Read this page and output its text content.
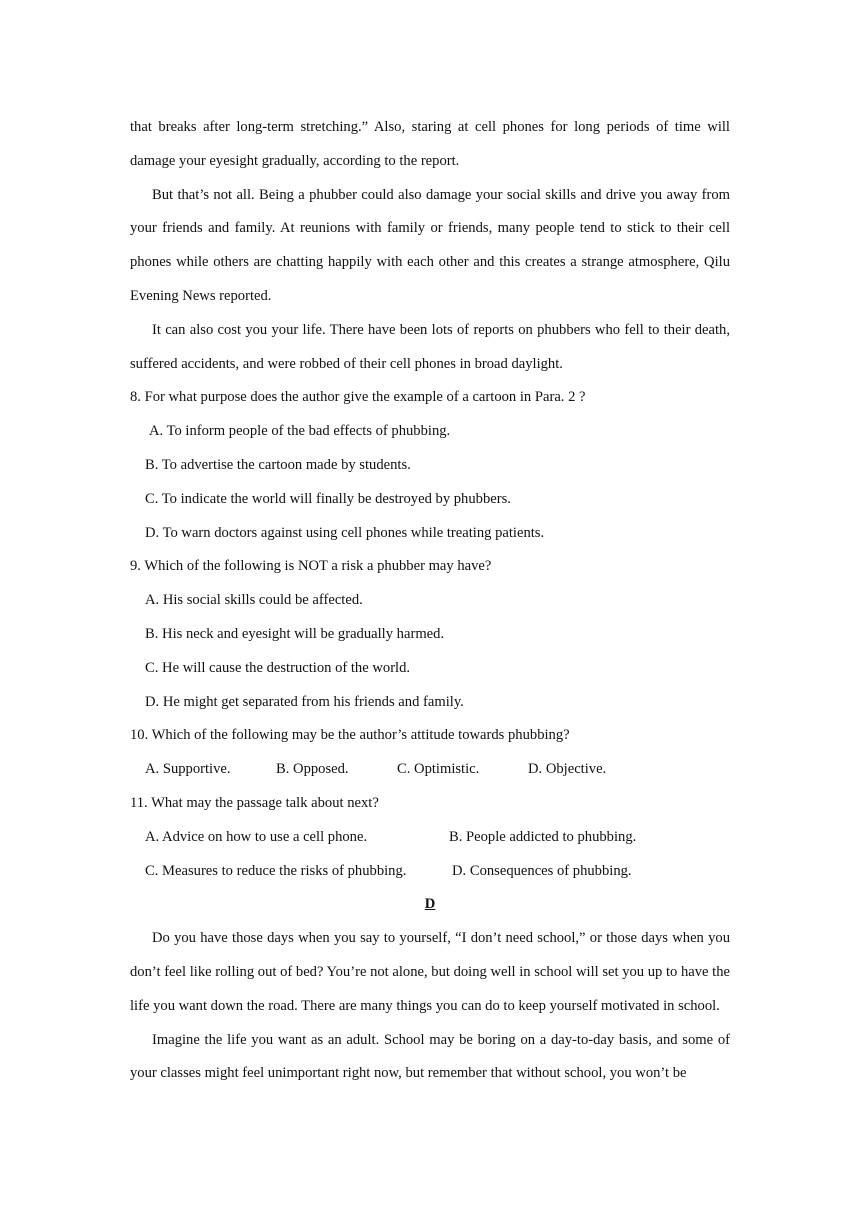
that breaks after long-term stretching.” Also, staring at cell phones for long periods of time will damage your eyesight gradually, according to the report.

But that’s not all. Being a phubber could also damage your social skills and drive you away from your friends and family. At reunions with family or friends, many people tend to stick to their cell phones while others are chatting happily with each other and this creates a strange atmosphere, Qilu Evening News reported.

It can also cost you your life. There have been lots of reports on phubbers who fell to their death, suffered accidents, and were robbed of their cell phones in broad daylight.

8. For what purpose does the author give the example of a cartoon in Para. 2 ?

A. To inform people of the bad effects of phubbing.

B. To advertise the cartoon made by students.

C. To indicate the world will finally be destroyed by phubbers.

D. To warn doctors against using cell phones while treating patients.

9. Which of the following is NOT a risk a phubber may have?

A. His social skills could be affected.

B. His neck and eyesight will be gradually harmed.

C. He will cause the destruction of the world.

D. He might get separated from his friends and family.

10. Which of the following may be the author’s attitude towards phubbing?

A. Supportive.	B. Opposed.	C. Optimistic.	D. Objective.

11. What may the passage talk about next?

A. Advice on how to use a cell phone.	B. People addicted to phubbing.
C. Measures to reduce the risks of phubbing.	D. Consequences of phubbing.

D

Do you have those days when you say to yourself, “I don’t need school,” or those days when you don’t feel like rolling out of bed? You’re not alone, but doing well in school will set you up to have the life you want down the road. There are many things you can do to keep yourself motivated in school.

Imagine the life you want as an adult. School may be boring on a day-to-day basis, and some of your classes might feel unimportant right now, but remember that without school, you won’t be
